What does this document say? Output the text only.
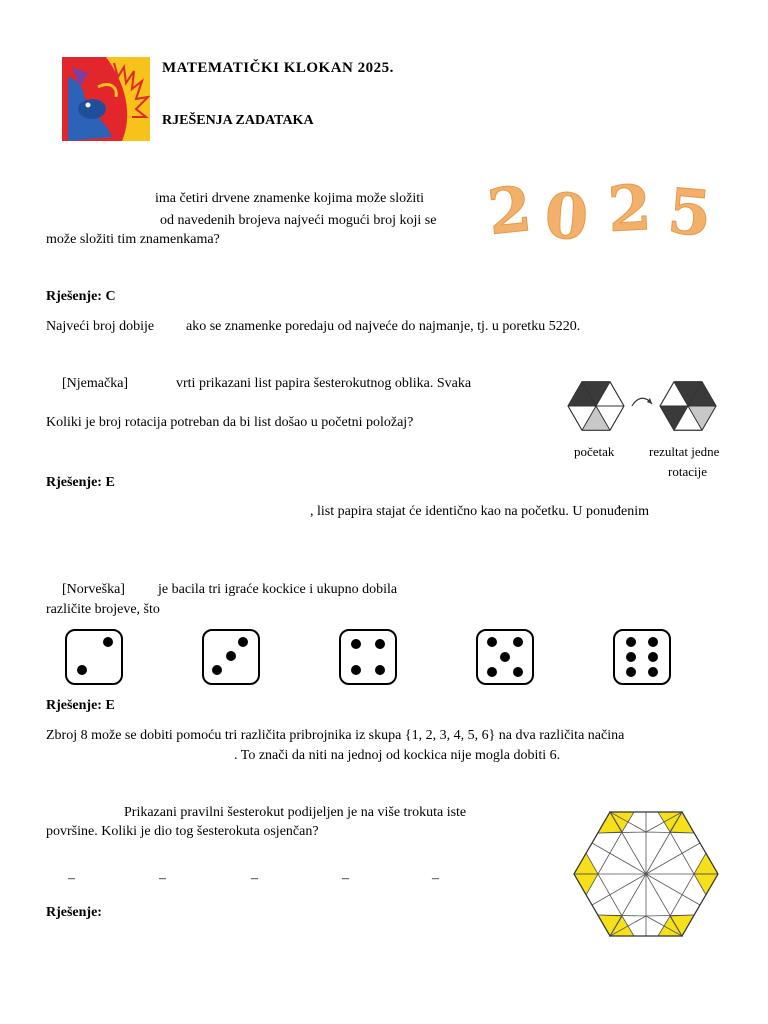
MATEMATIČKI KLOKAN 2025.
RJEŠENJA ZADATAKA
2 0 2 5
ima četiri drvene znamenke kojima može složiti
od navedenih brojeva najveći mogući broj koji se
može složiti tim znamenkama?
Rješenje: C
Najveći broj dobije ako se znamenke poredaju od najveće do najmanje, tj. u poretku 5220.
[Njemačka]	vrti prikazani list papira šesterokutnog oblika. Svaka
Koliki je broj rotacija potreban da bi list došao u početni položaj?
početak	rezultat jedne
rotacije
Rješenje: E
, list papira stajat će identično kao na početku. U ponuđenim
[Norveška] je bacila tri igraće kockice i ukupno dobila
različite brojeve, što
Rješenje: E
Zbroj 8 može se dobiti pomoću tri različita pribrojnika iz skupa {1, 2, 3, 4, 5, 6} na dva različita načina
. To znači da niti na jednoj od kockica nije mogla dobiti 6.
Prikazani pravilni šesterokut podijeljen je na više trokuta iste
površine. Koliki je dio tog šesterokuta osjenčan?
–	–	–	–	–
Rješenje:
